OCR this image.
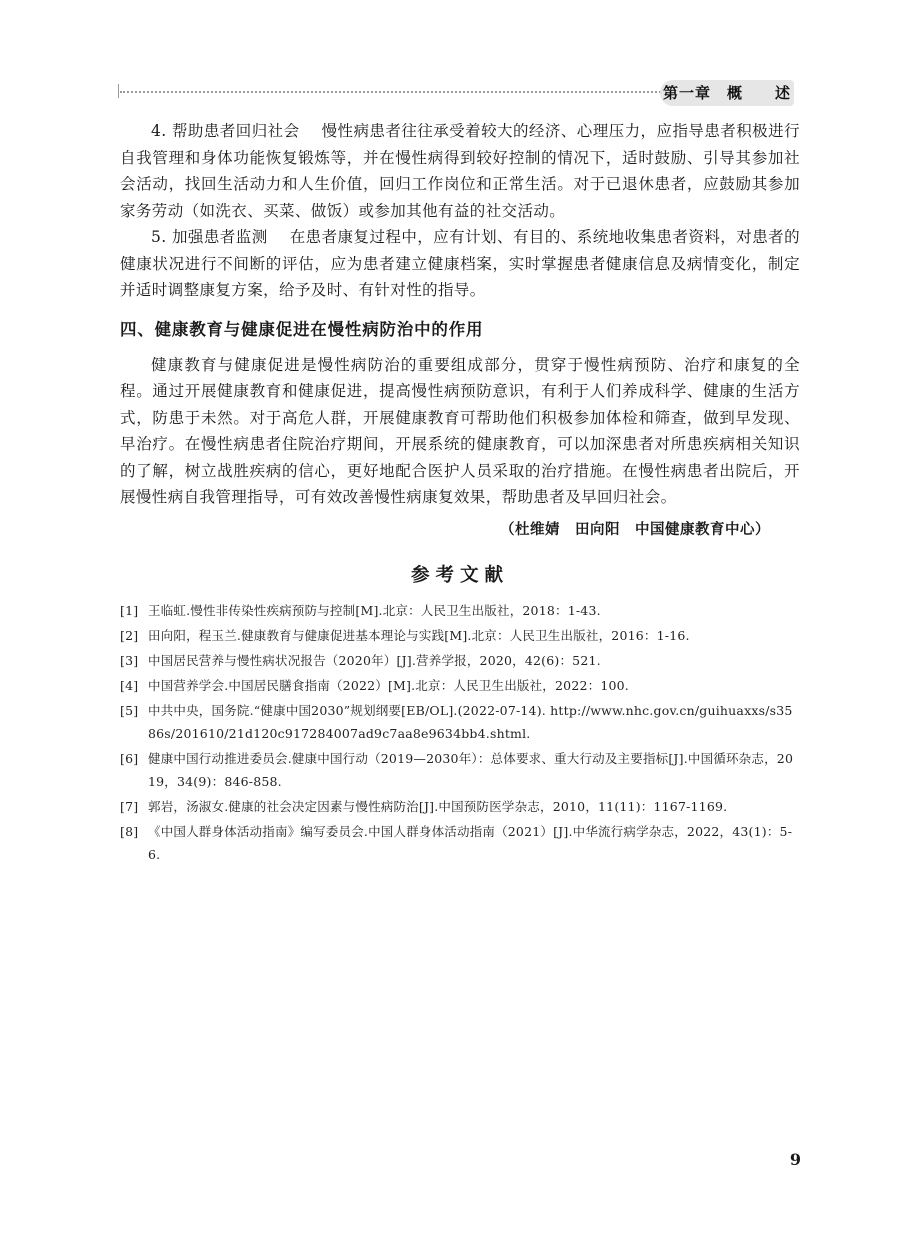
第一章　概　　述

4. 帮助患者回归社会 慢性病患者往往承受着较大的经济、心理压力，应指导患者积极进行自我管理和身体功能恢复锻炼等，并在慢性病得到较好控制的情况下，适时鼓励、引导其参加社会活动，找回生活动力和人生价值，回归工作岗位和正常生活。对于已退休患者，应鼓励其参加家务劳动（如洗衣、买菜、做饭）或参加其他有益的社交活动。

5. 加强患者监测 在患者康复过程中，应有计划、有目的、系统地收集患者资料，对患者的健康状况进行不间断的评估，应为患者建立健康档案，实时掌握患者健康信息及病情变化，制定并适时调整康复方案，给予及时、有针对性的指导。

四、健康教育与健康促进在慢性病防治中的作用

健康教育与健康促进是慢性病防治的重要组成部分，贯穿于慢性病预防、治疗和康复的全程。通过开展健康教育和健康促进，提高慢性病预防意识，有利于人们养成科学、健康的生活方式，防患于未然。对于高危人群，开展健康教育可帮助他们积极参加体检和筛查，做到早发现、早治疗。在慢性病患者住院治疗期间，开展系统的健康教育，可以加深患者对所患疾病相关知识的了解，树立战胜疾病的信心，更好地配合医护人员采取的治疗措施。在慢性病患者出院后，开展慢性病自我管理指导，可有效改善慢性病康复效果，帮助患者及早回归社会。

（杜维婧　田向阳　中国健康教育中心）
参考文献
[1] 王临虹.慢性非传染性疾病预防与控制[M].北京：人民卫生出版社，2018：1-43.
[2] 田向阳，程玉兰.健康教育与健康促进基本理论与实践[M].北京：人民卫生出版社，2016：1-16.
[3] 中国居民营养与慢性病状况报告（2020年）[J].营养学报，2020，42(6)：521.
[4] 中国营养学会.中国居民膳食指南（2022）[M].北京：人民卫生出版社，2022：100.
[5] 中共中央，国务院.“健康中国2030”规划纲要[EB/OL].(2022-07-14). http://www.nhc.gov.cn/guihuaxxs/s3586s/201610/21d120c917284007ad9c7aa8e9634bb4.shtml.
[6] 健康中国行动推进委员会.健康中国行动（2019—2030年）：总体要求、重大行动及主要指标[J].中国循环杂志，2019，34(9)：846-858.
[7] 郭岩，汤淑女.健康的社会决定因素与慢性病防治[J].中国预防医学杂志，2010，11(11)：1167-1169.
[8] 《中国人群身体活动指南》编写委员会.中国人群身体活动指南（2021）[J].中华流行病学杂志，2022，43(1)：5-6.
9
